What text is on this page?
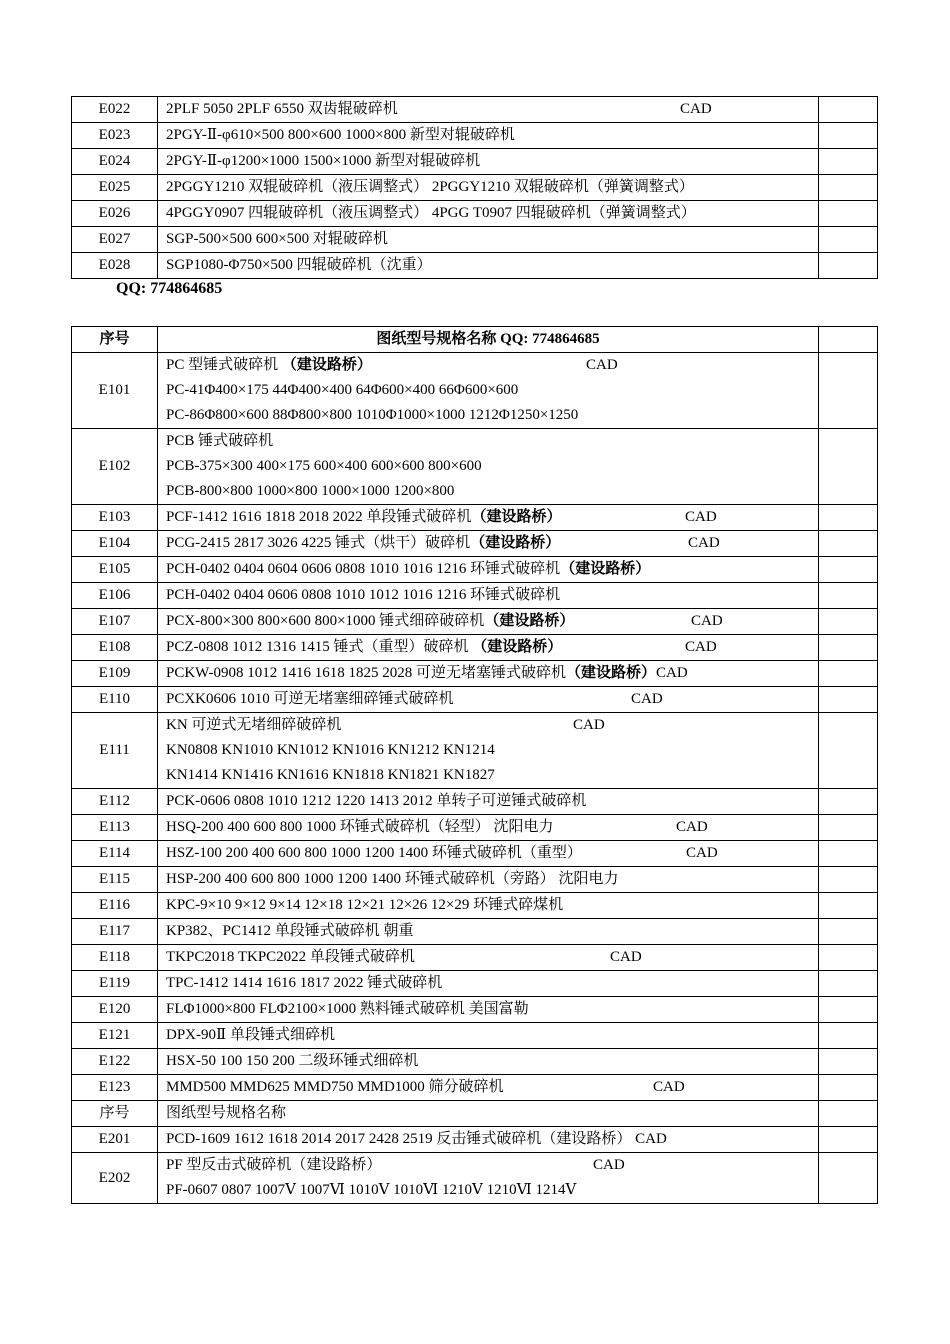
E022	2PLF 5050 2PLF 6550 双齿辊破碎机 CAD	

E023	2PGY-Ⅱ-φ610×500 800×600 1000×800 新型对辊破碎机	
E024	2PGY-Ⅱ-φ1200×1000 1500×1000 新型对辊破碎机	
E025	2PGGY1210 双辊破碎机（液压调整式） 2PGGY1210 双辊破碎机（弹簧调整式）	
E026	4PGGY0907 四辊破碎机（液压调整式） 4PGG T0907 四辊破碎机（弹簧调整式）	
E027	SGP-500×500 600×500 对辊破碎机	
E028	SGP1080-Φ750×500 四辊破碎机（沈重）	
QQ: 774864685
序号	图纸型号规格名称 QQ: 774864685	
E101	PC 型锤式破碎机 （建设路桥） CAD
PC-41Φ400×175 44Φ400×400 64Φ600×400 66Φ600×600
PC-86Φ800×600 88Φ800×800 1010Φ1000×1000 1212Φ1250×1250	

E102	PCB 锤式破碎机
PCB-375×300 400×175 600×400 600×600 800×600
PCB-800×800 1000×800 1000×1000 1200×800	

E103	PCF-1412 1616 1818 2018 2022 单段锤式破碎机（建设路桥） CAD	

E104	PCG-2415 2817 3026 4225 锤式（烘干）破碎机（建设路桥） CAD	

E105	PCH-0402 0404 0604 0606 0808 1010 1016 1216 环锤式破碎机（建设路桥）	

E106	PCH-0402 0404 0606 0808 1010 1012 1016 1216 环锤式破碎机	

E107	PCX-800×300 800×600 800×1000 锤式细碎破碎机（建设路桥） CAD	

E108	PCZ-0808 1012 1316 1415 锤式（重型）破碎机 （建设路桥） CAD	

E109	PCKW-0908 1012 1416 1618 1825 2028 可逆无堵塞锤式破碎机（建设路桥）CAD	

E110	PCXK0606 1010 可逆无堵塞细碎锤式破碎机 CAD	

E111	KN 可逆式无堵细碎破碎机 CAD
KN0808 KN1010 KN1012 KN1016 KN1212 KN1214
KN1414 KN1416 KN1616 KN1818 KN1821 KN1827	

E112	PCK-0606 0808 1010 1212 1220 1413 2012 单转子可逆锤式破碎机	

E113	HSQ-200 400 600 800 1000 环锤式破碎机（轻型） 沈阳电力 CAD	

E114	HSZ-100 200 400 600 800 1000 1200 1400 环锤式破碎机（重型） CAD	

E115	HSP-200 400 600 800 1000 1200 1400 环锤式破碎机（旁路） 沈阳电力	

E116	KPC-9×10 9×12 9×14 12×18 12×21 12×26 12×29 环锤式碎煤机	

E117	KP382、PC1412 单段锤式破碎机 朝重	

E118	TKPC2018 TKPC2022 单段锤式破碎机 CAD	

E119	TPC-1412 1414 1616 1817 2022 锤式破碎机	

E120	FLΦ1000×800 FLΦ2100×1000 熟料锤式破碎机 美国富勒	

E121	DPX-90Ⅱ 单段锤式细碎机	

E122	HSX-50 100 150 200 二级环锤式细碎机	

E123	MMD500 MMD625 MMD750 MMD1000 筛分破碎机 CAD	

序号	图纸型号规格名称	

E201	PCD-1609 1612 1618 2014 2017 2428 2519 反击锤式破碎机（建设路桥） CAD	

E202	PF 型反击式破碎机（建设路桥） CAD
PF-0607 0807 1007Ⅴ 1007Ⅵ 1010Ⅴ 1010Ⅵ 1210Ⅴ 1210Ⅵ 1214Ⅴ	
